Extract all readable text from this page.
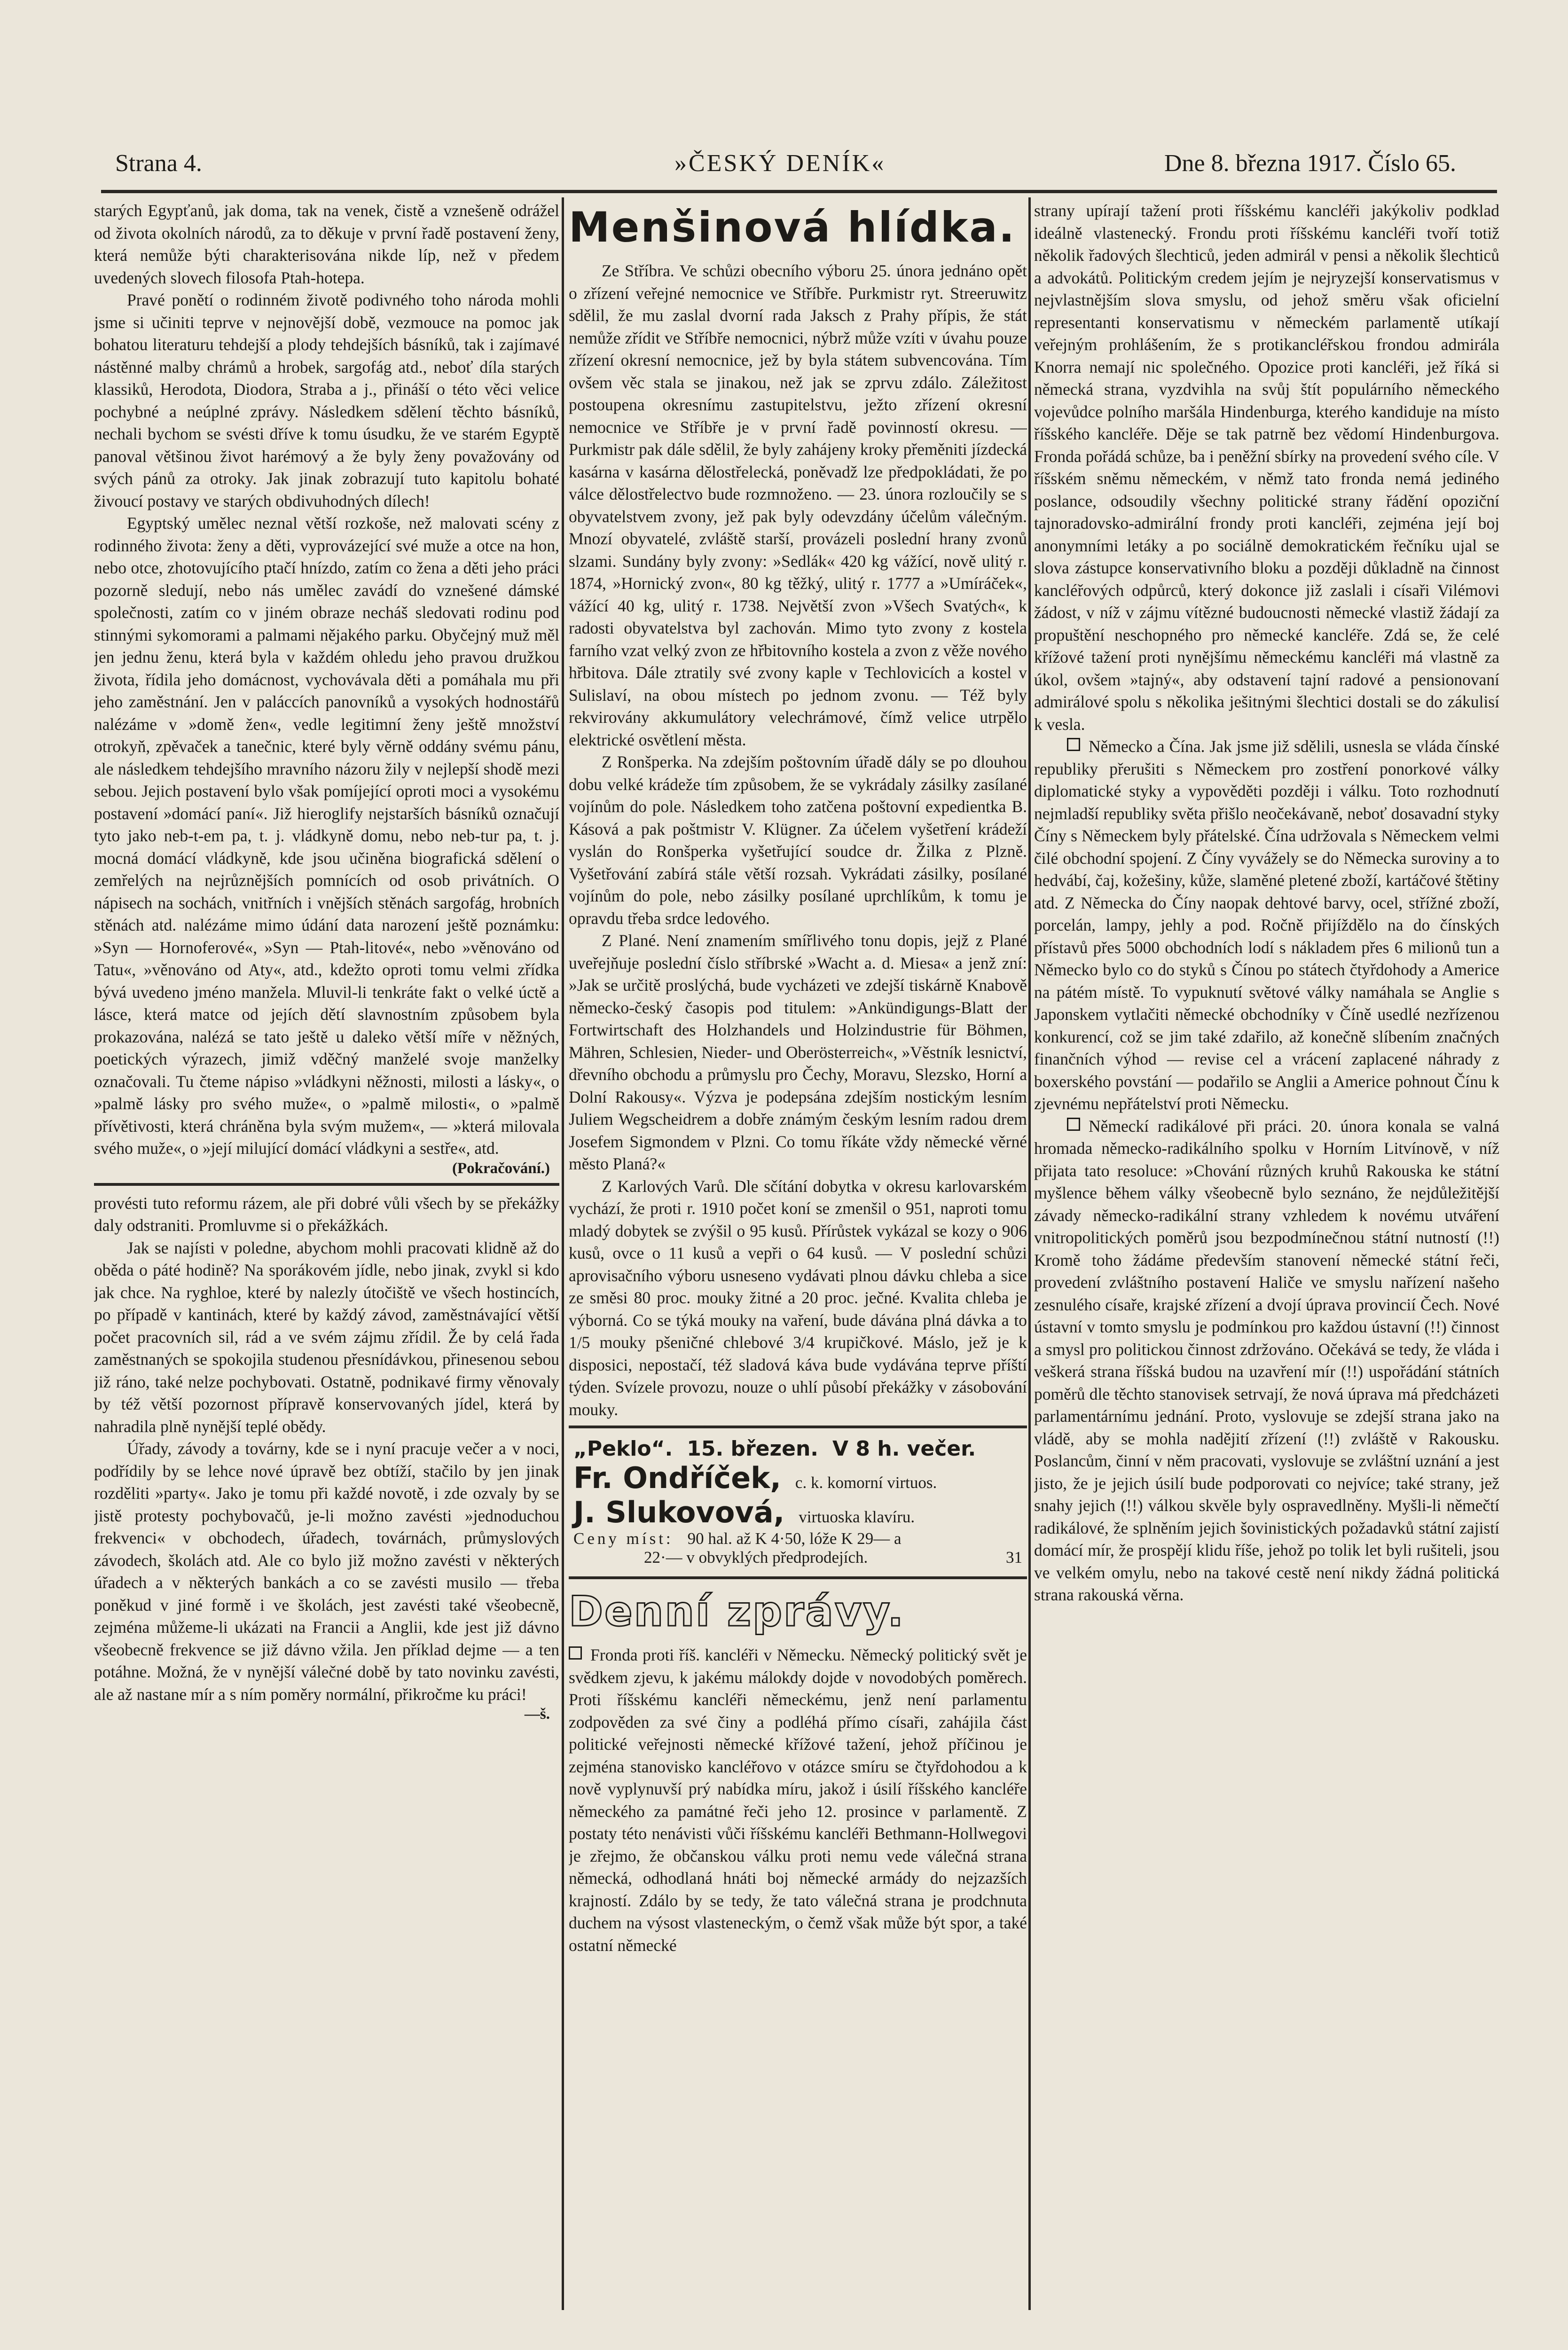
Strana 4.	»ČESKÝ DENÍK«	Dne 8. března 1917. Číslo 65.

starých Egypťanů, jak doma, tak na venek, čistě a vznešeně odrážel od života okolních národů, za to děkuje v první řadě postavení ženy, která nemůže býti charakterisována nikde líp, než v předem uvedených slovech filosofa Ptah-hotepa.

Pravé ponětí o rodinném životě podivného toho národa mohli jsme si učiniti teprve v nejnovější době, vezmouce na pomoc jak bohatou literaturu tehdejší a plody tehdejších básníků, tak i zajímavé nástěnné malby chrámů a hrobek, sargofág atd., neboť díla starých klassiků, Herodota, Diodora, Straba a j., přináší o této věci velice pochybné a neúplné zprávy. Následkem sdělení těchto básníků, nechali bychom se svésti dříve k tomu úsudku, že ve starém Egyptě panoval většinou život harémový a že byly ženy považovány od svých pánů za otroky. Jak jinak zobrazují tuto kapitolu bohaté živoucí postavy ve starých obdivuhodných dílech!

Egyptský umělec neznal větší rozkoše, než malovati scény z rodinného života: ženy a děti, vyprovázející své muže a otce na hon, nebo otce, zhotovujícího ptačí hnízdo, zatím co žena a děti jeho práci pozorně sledují, nebo nás umělec zavádí do vznešené dámské společnosti, zatím co v jiném obraze necháš sledovati rodinu pod stinnými sykomorami a palmami nějakého parku. Obyčejný muž měl jen jednu ženu, která byla v každém ohledu jeho pravou družkou života, řídila jeho domácnost, vychovávala děti a pomáhala mu při jeho zaměstnání. Jen v paláccích panovníků a vysokých hodnostářů nalézáme v »domě žen«, vedle legitimní ženy ještě množství otrokyň, zpěvaček a tanečnic, které byly věrně oddány svému pánu, ale následkem tehdejšího mravního názoru žily v nejlepší shodě mezi sebou. Jejich postavení bylo však pomíjející oproti moci a vysokému postavení »domácí paní«. Již hieroglify nejstarších básníků označují tyto jako neb-t-em pa, t. j. vládkyně domu, nebo neb-tur pa, t. j. mocná domácí vládkyně, kde jsou učiněna biografická sdělení o zemřelých na nejrůznějších pomnících od osob privátních. O nápisech na sochách, vnitřních i vnějších stěnách sargofág, hrobních stěnách atd. nalézáme mimo údání data narození ještě poznámku: »Syn — Hornoferové«, »Syn — Ptah-litové«, nebo »věnováno od Tatu«, »věnováno od Aty«, atd., kdežto oproti tomu velmi zřídka bývá uvedeno jméno manžela. Mluvil-li tenkráte fakt o velké úctě a lásce, která matce od jejích dětí slavnostním způsobem byla prokazována, nalézá se tato ještě u daleko větší míře v něžných, poetických výrazech, jimiž vděčný manželé svoje manželky označovali. Tu čteme nápiso »vládkyni něžnosti, milosti a lásky«, o »palmě lásky pro svého muže«, o »palmě milosti«, o »palmě přívětivosti, která chráněna byla svým mužem«, — »která milovala svého muže«, o »její milující domácí vládkyni a sestře«, atd.

(Pokračování.)

provésti tuto reformu rázem, ale při dobré vůli všech by se překážky daly odstraniti. Promluvme si o překážkách.

Jak se najísti v poledne, abychom mohli pracovati klidně až do oběda o páté hodině? Na sporákovém jídle, nebo jinak, zvykl si kdo jak chce. Na ryghloe, které by nalezly útočiště ve všech hostincích, po případě v kantinách, které by každý závod, zaměstnávající větší počet pracovních sil, rád a ve svém zájmu zřídil. Že by celá řada zaměstnaných se spokojila studenou přesnídávkou, přinesenou sebou již ráno, také nelze pochybovati. Ostatně, podnikavé firmy věnovaly by též větší pozornost přípravě konservovaných jídel, která by nahradila plně nynější teplé obědy.

Úřady, závody a továrny, kde se i nyní pracuje večer a v noci, podřídily by se lehce nové úpravě bez obtíží, stačilo by jen jinak rozděliti »party«. Jako je tomu při každé novotě, i zde ozvaly by se jistě protesty pochybovačů, je-li možno zavésti »jednoduchou frekvenci« v obchodech, úřadech, továrnách, průmyslových závodech, školách atd. Ale co bylo již možno zavésti v některých úřadech a v některých bankách a co se zavésti musilo — třeba poněkud v jiné formě i ve školách, jest zavésti také všeobecně, zejména můžeme-li ukázati na Francii a Anglii, kde jest již dávno všeobecně frekvence se již dávno vžila. Jen příklad dejme — a ten potáhne. Možná, že v nynější válečné době by tato novinku zavésti, ale až nastane mír a s ním poměry normální, přikročme ku práci!

—š.
Menšinová hlídka.

Ze Stříbra. Ve schůzi obecního výboru 25. února jednáno opět o zřízení veřejné nemocnice ve Stříbře. Purkmistr ryt. Streeruwitz sdělil, že mu zaslal dvorní rada Jaksch z Prahy přípis, že stát nemůže zřídit ve Stříbře nemocnici, nýbrž může vzíti v úvahu pouze zřízení okresní nemocnice, jež by byla státem subvencována. Tím ovšem věc stala se jinakou, než jak se zprvu zdálo. Záležitost postoupena okresnímu zastupitelstvu, ježto zřízení okresní nemocnice ve Stříbře je v první řadě povinností okresu. — Purkmistr pak dále sdělil, že byly zahájeny kroky přeměniti jízdecká kasárna v kasárna dělostřelecká, poněvadž lze předpokládati, že po válce dělostřelectvo bude rozmnoženo. — 23. února rozloučily se s obyvatelstvem zvony, jež pak byly odevzdány účelům válečným. Mnozí obyvatelé, zvláště starší, provázeli poslední hrany zvonů slzami. Sundány byly zvony: »Sedlák« 420 kg vážící, nově ulitý r. 1874, »Hornický zvon«, 80 kg těžký, ulitý r. 1777 a »Umíráček«, vážící 40 kg, ulitý r. 1738. Největší zvon »Všech Svatých«, k radosti obyvatelstva byl zachován. Mimo tyto zvony z kostela farního vzat velký zvon ze hřbitovního kostela a zvon z věže nového hřbitova. Dále ztratily své zvony kaple v Techlovicích a kostel v Sulislaví, na obou místech po jednom zvonu. — Též byly rekvirovány akkumulátory velechrámové, čímž velice utrpělo elektrické osvětlení města.

Z Ronšperka. Na zdejším poštovním úřadě dály se po dlouhou dobu velké krádeže tím způsobem, že se vykrádaly zásilky zasílané vojínům do pole. Následkem toho zatčena poštovní expedientka B. Kásová a pak poštmistr V. Klügner. Za účelem vyšetření krádeží vyslán do Ronšperka vyšetřující soudce dr. Žilka z Plzně. Vyšetřování zabírá stále větší rozsah. Vykrádati zásilky, posílané vojínům do pole, nebo zásilky posílané uprchlíkům, k tomu je opravdu třeba srdce ledového.

Z Plané. Není znamením smířlivého tonu dopis, jejž z Plané uveřejňuje poslední číslo stříbrské »Wacht a. d. Miesa« a jenž zní: »Jak se určitě proslýchá, bude vycházeti ve zdejší tiskárně Knabově německo-český časopis pod titulem: »Ankündigungs-Blatt der Fortwirtschaft des Holzhandels und Holzindustrie für Böhmen, Mähren, Schlesien, Nieder- und Oberösterreich«, »Věstník lesnictví, dřevního obchodu a průmyslu pro Čechy, Moravu, Slezsko, Horní a Dolní Rakousy«. Výzva je podepsána zdejším nostickým lesním Juliem Wegscheidrem a dobře známým českým lesním radou drem Josefem Sigmondem v Plzni. Co tomu říkáte vždy německé věrné město Planá?«

Z Karlových Varů. Dle sčítání dobytka v okresu karlovarském vychází, že proti r. 1910 počet koní se zmenšil o 951, naproti tomu mladý dobytek se zvýšil o 95 kusů. Přírůstek vykázal se kozy o 906 kusů, ovce o 11 kusů a vepři o 64 kusů. — V poslední schůzi aprovisačního výboru usneseno vydávati plnou dávku chleba a sice ze směsi 80 proc. mouky žitné a 20 proc. ječné. Kvalita chleba je výborná. Co se týká mouky na vaření, bude dávána plná dávka a to 1/5 mouky pšeničné chlebové 3/4 krupičkové. Máslo, jež je k disposici, nepostačí, též sladová káva bude vydávána teprve příští týden. Svízele provozu, nouze o uhlí působí překážky v zásobování mouky.

„Peklo“. 15. březen. V 8 h. večer.
Fr. Ondříček, c. k. komorní virtuos.
J. Slukovová, virtuoska klavíru.
Ceny míst: 90 hal. až K 4·50, lóže K 29— a
22·— v obvyklých předprodejích.	31
Denní zprávy.

Fronda proti říš. kancléři v Německu. Německý politický svět je svědkem zjevu, k jakému málokdy dojde v novodobých poměrech. Proti říšskému kancléři německému, jenž není parlamentu zodpověden za své činy a podléhá přímo císaři, zahájila část politické veřejnosti německé křížové tažení, jehož příčinou je zejména stanovisko kancléřovo v otázce smíru se čtyřdohodou a k nově vyplynuvší prý nabídka míru, jakož i úsilí říšského kancléře německého za památné řeči jeho 12. prosince v parlamentě. Z postaty této nenávisti vůči říšskému kancléři Bethmann-Hollwegovi je zřejmo, že občanskou válku proti nemu vede válečná strana německá, odhodlaná hnáti boj německé armády do nejzazších krajností. Zdálo by se tedy, že tato válečná strana je prodchnuta duchem na výsost vlasteneckým, o čemž však může být spor, a také ostatní německé

strany upírají tažení proti říšskému kancléři jakýkoliv podklad ideálně vlastenecký. Frondu proti říšskému kancléři tvoří totiž několik řadových šlechticů, jeden admirál v pensi a několik šlechticů a advokátů. Politickým credem jejím je nejryzejší konservatismus v nejvlastnějším slova smyslu, od jehož směru však oficielní representanti konservatismu v německém parlamentě utíkají veřejným prohlášením, že s protikancléřskou frondou admirála Knorra nemají nic společného. Opozice proti kancléři, jež říká si německá strana, vyzdvihla na svůj štít populárního německého vojevůdce polního maršála Hindenburga, kterého kandiduje na místo říšského kancléře. Děje se tak patrně bez vědomí Hindenburgova. Fronda pořádá schůze, ba i peněžní sbírky na provedení svého cíle. V říšském sněmu německém, v němž tato fronda nemá jediného poslance, odsoudily všechny politické strany řádění opoziční tajnoradovsko-admirální frondy proti kancléři, zejména její boj anonymními letáky a po sociálně demokratickém řečníku ujal se slova zástupce konservativního bloku a později důkladně na činnost kancléřových odpůrců, který dokonce již zaslali i císaři Vilémovi žádost, v níž v zájmu vítězné budoucnosti německé vlastiž žádají za propuštění neschopného pro německé kancléře. Zdá se, že celé křížové tažení proti nynějšímu německému kancléři má vlastně za úkol, ovšem »tajný«, aby odstavení tajní radové a pensionovaní admirálové spolu s několika ješitnými šlechtici dostali se do zákulisí k vesla.

Německo a Čína. Jak jsme již sdělili, usnesla se vláda čínské republiky přerušiti s Německem pro zostření ponorkové války diplomatické styky a vypověděti později i válku. Toto rozhodnutí nejmladší republiky světa přišlo neočekávaně, neboť dosavadní styky Číny s Německem byly přátelské. Čína udržovala s Německem velmi čilé obchodní spojení. Z Číny vyvážely se do Německa suroviny a to hedvábí, čaj, kožešiny, kůže, slaměné pletené zboží, kartáčové štětiny atd. Z Německa do Číny naopak dehtové barvy, ocel, střížné zboží, porcelán, lampy, jehly a pod. Ročně přijíždělo na do čínských přístavů přes 5000 obchodních lodí s nákladem přes 6 milionů tun a Německo bylo co do styků s Čínou po státech čtyřdohody a Americe na pátém místě. To vypuknutí světové války namáhala se Anglie s Japonskem vytlačiti německé obchodníky v Číně usedlé nezřízenou konkurencí, což se jim také zdařilo, až konečně slíbením značných finančních výhod — revise cel a vrácení zaplacené náhrady z boxerského povstání — podařilo se Anglii a Americe pohnout Čínu k zjevnému nepřátelství proti Německu.

Německí radikálové při práci. 20. února konala se valná hromada německo-radikálního spolku v Horním Litvínově, v níž přijata tato resoluce: »Chování různých kruhů Rakouska ke státní myšlence během války všeobecně bylo seznáno, že nejdůležitější závady německo-radikální strany vzhledem k novému utváření vnitropolitických poměrů jsou bezpodmínečnou státní nutností (!!) Kromě toho žádáme především stanovení německé státní řeči, provedení zvláštního postavení Haliče ve smyslu nařízení našeho zesnulého císaře, krajské zřízení a dvojí úprava provincií Čech. Nové ústavní v tomto smyslu je podmínkou pro každou ústavní (!!) činnost a smysl pro politickou činnost zdržováno. Očekává se tedy, že vláda i veškerá strana říšská budou na uzavření mír (!!) uspořádání státních poměrů dle těchto stanovisek setrvají, že nová úprava má předcházeti parlamentárnímu jednání. Proto, vyslovuje se zdejší strana jako na vládě, aby se mohla nadějití zřízení (!!) zvláště v Rakousku. Poslancům, činní v něm pracovati, vyslovuje se zvláštní uznání a jest jisto, že je jejich úsilí bude podporovati co nejvíce; také strany, jež snahy jejich (!!) válkou skvěle byly ospravedlněny. Myšli-li němečtí radikálové, že splněním jejich šovinistických požadavků státní zajistí domácí mír, že prospějí klidu říše, jehož po tolik let byli rušiteli, jsou ve velkém omylu, nebo na takové cestě není nikdy žádná politická strana rakouská věrna.
